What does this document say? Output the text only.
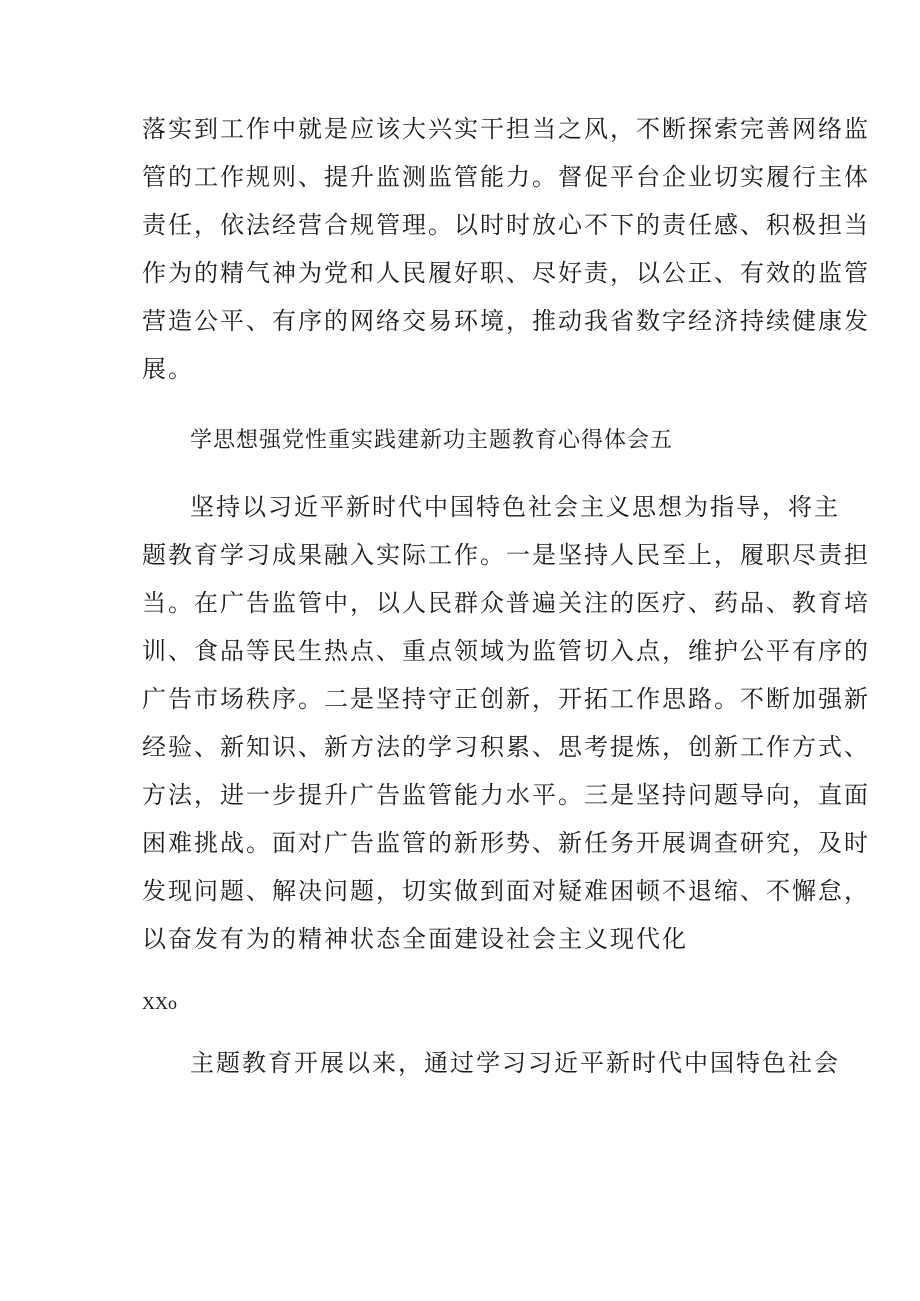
落实到工作中就是应该大兴实干担当之风，不断探索完善网络监
管的工作规则、提升监测监管能力。督促平台企业切实履行主体
责任，依法经营合规管理。以时时放心不下的责任感、积极担当
作为的精气神为党和人民履好职、尽好责，以公正、有效的监管
营造公平、有序的网络交易环境，推动我省数字经济持续健康发
展。
学思想强党性重实践建新功主题教育心得体会五
坚持以习近平新时代中国特色社会主义思想为指导，将主
题教育学习成果融入实际工作。一是坚持人民至上，履职尽责担
当。在广告监管中，以人民群众普遍关注的医疗、药品、教育培
训、食品等民生热点、重点领域为监管切入点，维护公平有序的
广告市场秩序。二是坚持守正创新，开拓工作思路。不断加强新
经验、新知识、新方法的学习积累、思考提炼，创新工作方式、
方法，进一步提升广告监管能力水平。三是坚持问题导向，直面
困难挑战。面对广告监管的新形势、新任务开展调查研究，及时
发现问题、解决问题，切实做到面对疑难困顿不退缩、不懈怠，
以奋发有为的精神状态全面建设社会主义现代化
XXo
主题教育开展以来，通过学习习近平新时代中国特色社会
